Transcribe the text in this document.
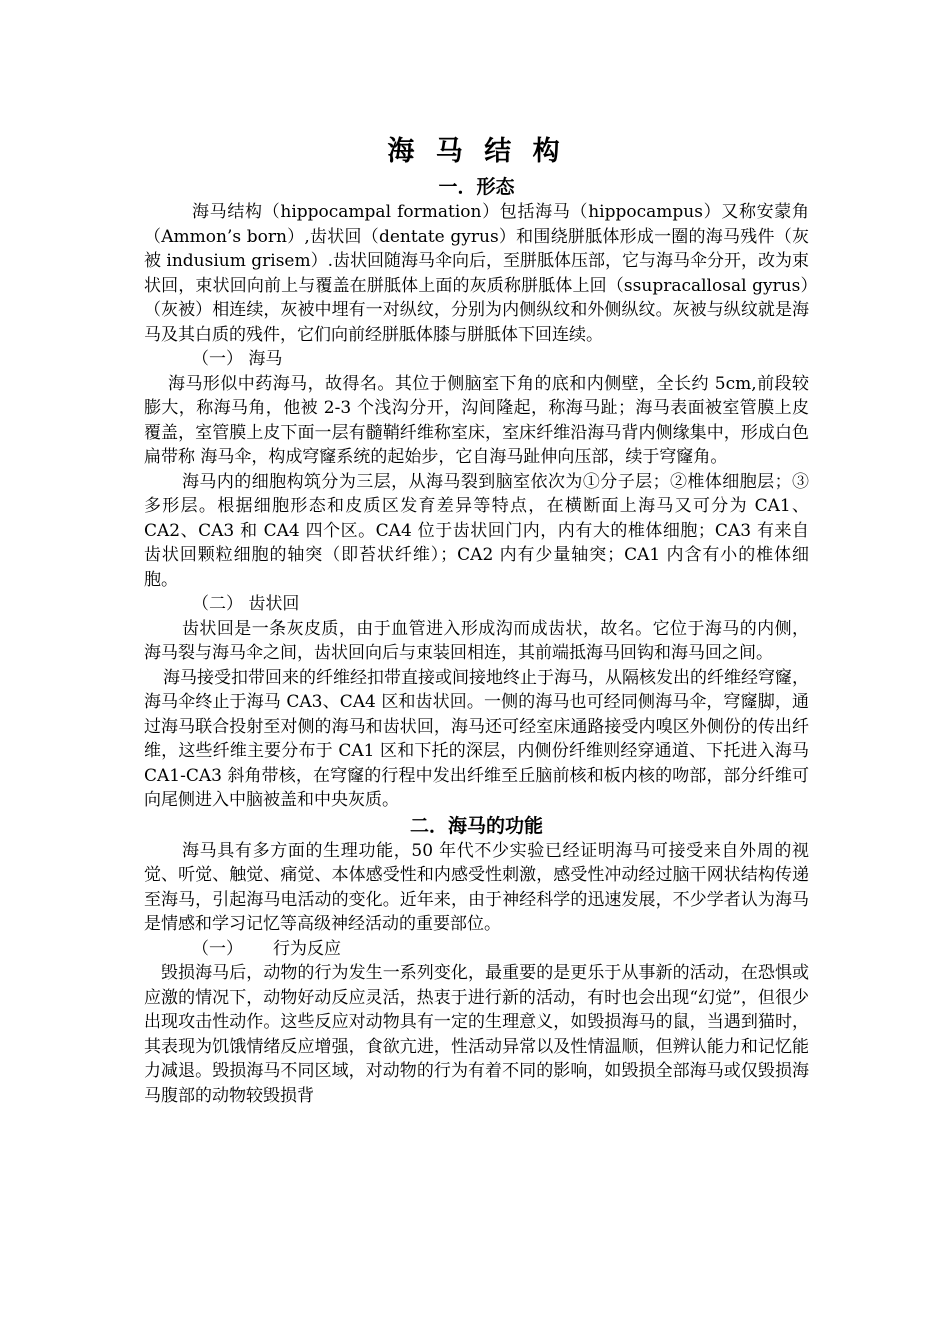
海 马 结 构
一．形态

海马结构（hippocampal formation）包括海马（hippocampus）又称安蒙角（Ammon’s born）,齿状回（dentate gyrus）和围绕胼胝体形成一圈的海马残件（灰被 indusium grisem）.齿状回随海马伞向后，至胼胝体压部，它与海马伞分开，改为束状回，束状回向前上与覆盖在胼胝体上面的灰质称胼胝体上回（ssupracallosal gyrus）（灰被）相连续，灰被中埋有一对纵纹，分别为内侧纵纹和外侧纵纹。灰被与纵纹就是海马及其白质的残件，它们向前经胼胝体膝与胼胝体下回连续。

（一） 海马

海马形似中药海马，故得名。其位于侧脑室下角的底和内侧壁，全长约 5cm,前段较膨大，称海马角，他被 2-3 个浅沟分开，沟间隆起，称海马趾；海马表面被室管膜上皮覆盖，室管膜上皮下面一层有髓鞘纤维称室床，室床纤维沿海马背内侧缘集中，形成白色扁带称 海马伞，构成穹窿系统的起始步，它自海马趾伸向压部，续于穹窿角。

海马内的细胞构筑分为三层，从海马裂到脑室依次为①分子层；②椎体细胞层；③多形层。根据细胞形态和皮质区发育差异等特点，在横断面上海马又可分为 CA1、CA2、CA3 和 CA4 四个区。CA4 位于齿状回门内，内有大的椎体细胞；CA3 有来自齿状回颗粒细胞的轴突（即苔状纤维）；CA2 内有少量轴突；CA1 内含有小的椎体细胞。

（二） 齿状回

齿状回是一条灰皮质，由于血管进入形成沟而成齿状，故名。它位于海马的内侧，海马裂与海马伞之间，齿状回向后与束装回相连，其前端抵海马回钩和海马回之间。

海马接受扣带回来的纤维经扣带直接或间接地终止于海马，从隔核发出的纤维经穹窿，海马伞终止于海马 CA3、CA4 区和齿状回。一侧的海马也可经同侧海马伞，穹窿脚，通过海马联合投射至对侧的海马和齿状回，海马还可经室床通路接受内嗅区外侧份的传出纤维，这些纤维主要分布于 CA1 区和下托的深层，内侧份纤维则经穿通道、下托进入海马 CA1-CA3 斜角带核，在穹窿的行程中发出纤维至丘脑前核和板内核的吻部，部分纤维可向尾侧进入中脑被盖和中央灰质。

二．海马的功能

海马具有多方面的生理功能，50 年代不少实验已经证明海马可接受来自外周的视觉、听觉、触觉、痛觉、本体感受性和内感受性刺激，感受性冲动经过脑干网状结构传递至海马，引起海马电活动的变化。近年来，由于神经科学的迅速发展，不少学者认为海马是情感和学习记忆等高级神经活动的重要部位。

（一） 行为反应

毁损海马后，动物的行为发生一系列变化，最重要的是更乐于从事新的活动，在恐惧或应激的情况下，动物好动反应灵活，热衷于进行新的活动，有时也会出现“幻觉”，但很少出现攻击性动作。这些反应对动物具有一定的生理意义，如毁损海马的鼠，当遇到猫时，其表现为饥饿情绪反应增强，食欲亢进，性活动异常以及性情温顺，但辨认能力和记忆能力减退。毁损海马不同区域，对动物的行为有着不同的影响，如毁损全部海马或仅毁损海马腹部的动物较毁损背
